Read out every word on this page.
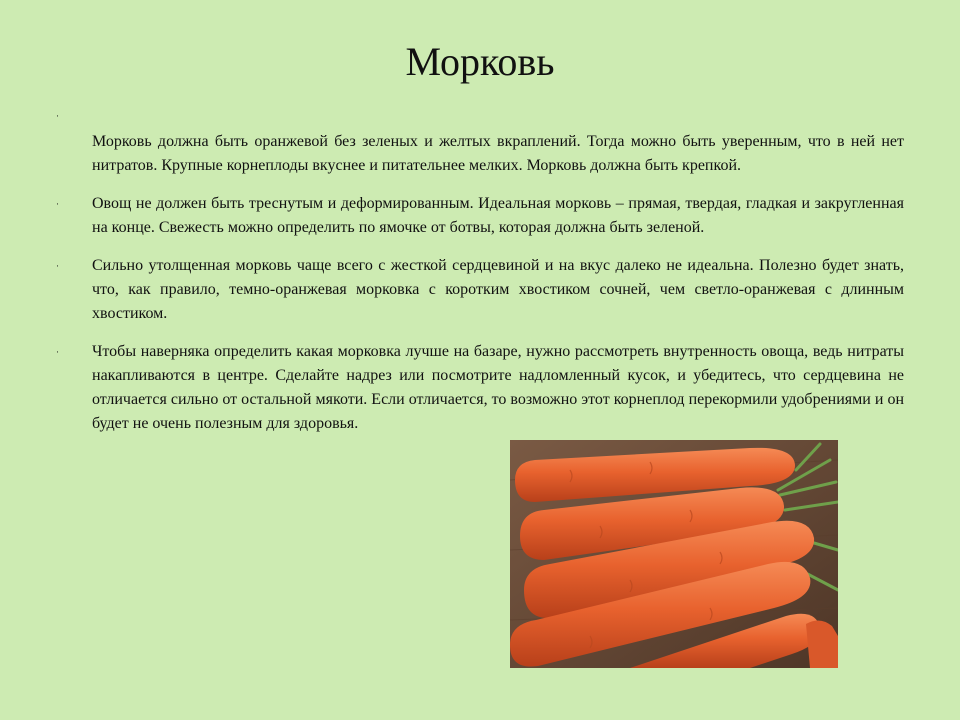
Морковь
·
Морковь должна быть оранжевой без зеленых и желтых вкраплений. Тогда можно быть уверенным, что в ней нет нитратов. Крупные корнеплоды вкуснее и питательнее мелких. Морковь должна быть крепкой.
· Овощ не должен быть треснутым и деформированным. Идеальная морковь – прямая, твердая, гладкая и закругленная на конце. Свежесть можно определить по ямочке от ботвы, которая должна быть зеленой.
· Сильно утолщенная морковь чаще всего с жесткой сердцевиной и на вкус далеко не идеальна. Полезно будет знать, что, как правило, темно-оранжевая морковка с коротким хвостиком сочней, чем светло-оранжевая с длинным хвостиком.
· Чтобы наверняка определить какая морковка лучше на базаре, нужно рассмотреть внутренность овоща, ведь нитраты накапливаются в центре. Сделайте надрез или посмотрите надломленный кусок, и убедитесь, что сердцевина не отличается сильно от остальной мякоти. Если отличается, то возможно этот корнеплод перекормили удобрениями и он будет не очень полезным для здоровья.
